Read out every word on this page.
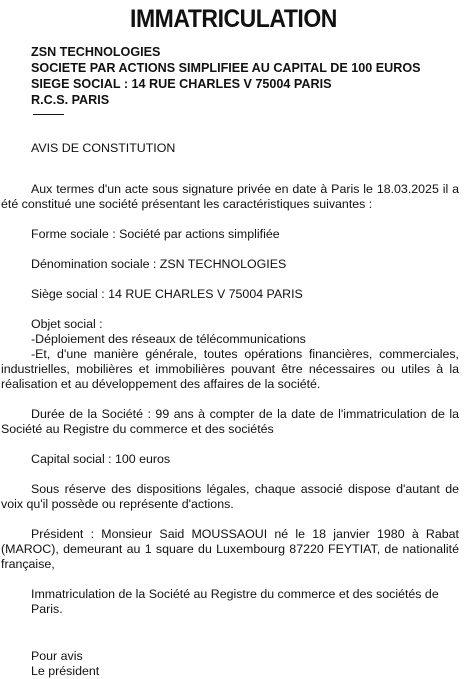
IMMATRICULATION
ZSN TECHNOLOGIES
SOCIETE PAR ACTIONS SIMPLIFIEE AU CAPITAL DE 100 EUROS
SIEGE SOCIAL : 14 RUE CHARLES V 75004 PARIS
R.C.S. PARIS
AVIS DE CONSTITUTION
Aux termes d'un acte sous signature privée en date à Paris le 18.03.2025 il a été constitué une société présentant les caractéristiques suivantes :
Forme sociale : Société par actions simplifiée
Dénomination sociale : ZSN TECHNOLOGIES
Siège social : 14 RUE CHARLES V 75004 PARIS
Objet social :
-Déploiement des réseaux de télécommunications
-Et, d'une manière générale, toutes opérations financières, commerciales, industrielles, mobilières et immobilières pouvant être nécessaires ou utiles à la réalisation et au développement des affaires de la société.
Durée de la Société : 99 ans à compter de la date de l'immatriculation de la Société au Registre du commerce et des sociétés
Capital social : 100 euros
Sous réserve des dispositions légales, chaque associé dispose d'autant de voix qu'il possède ou représente d'actions.
Président : Monsieur Said MOUSSAOUI né le 18 janvier 1980 à Rabat (MAROC), demeurant au 1 square du Luxembourg 87220 FEYTIAT, de nationalité française,
Immatriculation de la Société au Registre du commerce et des sociétés de Paris.
Pour avis
Le président
